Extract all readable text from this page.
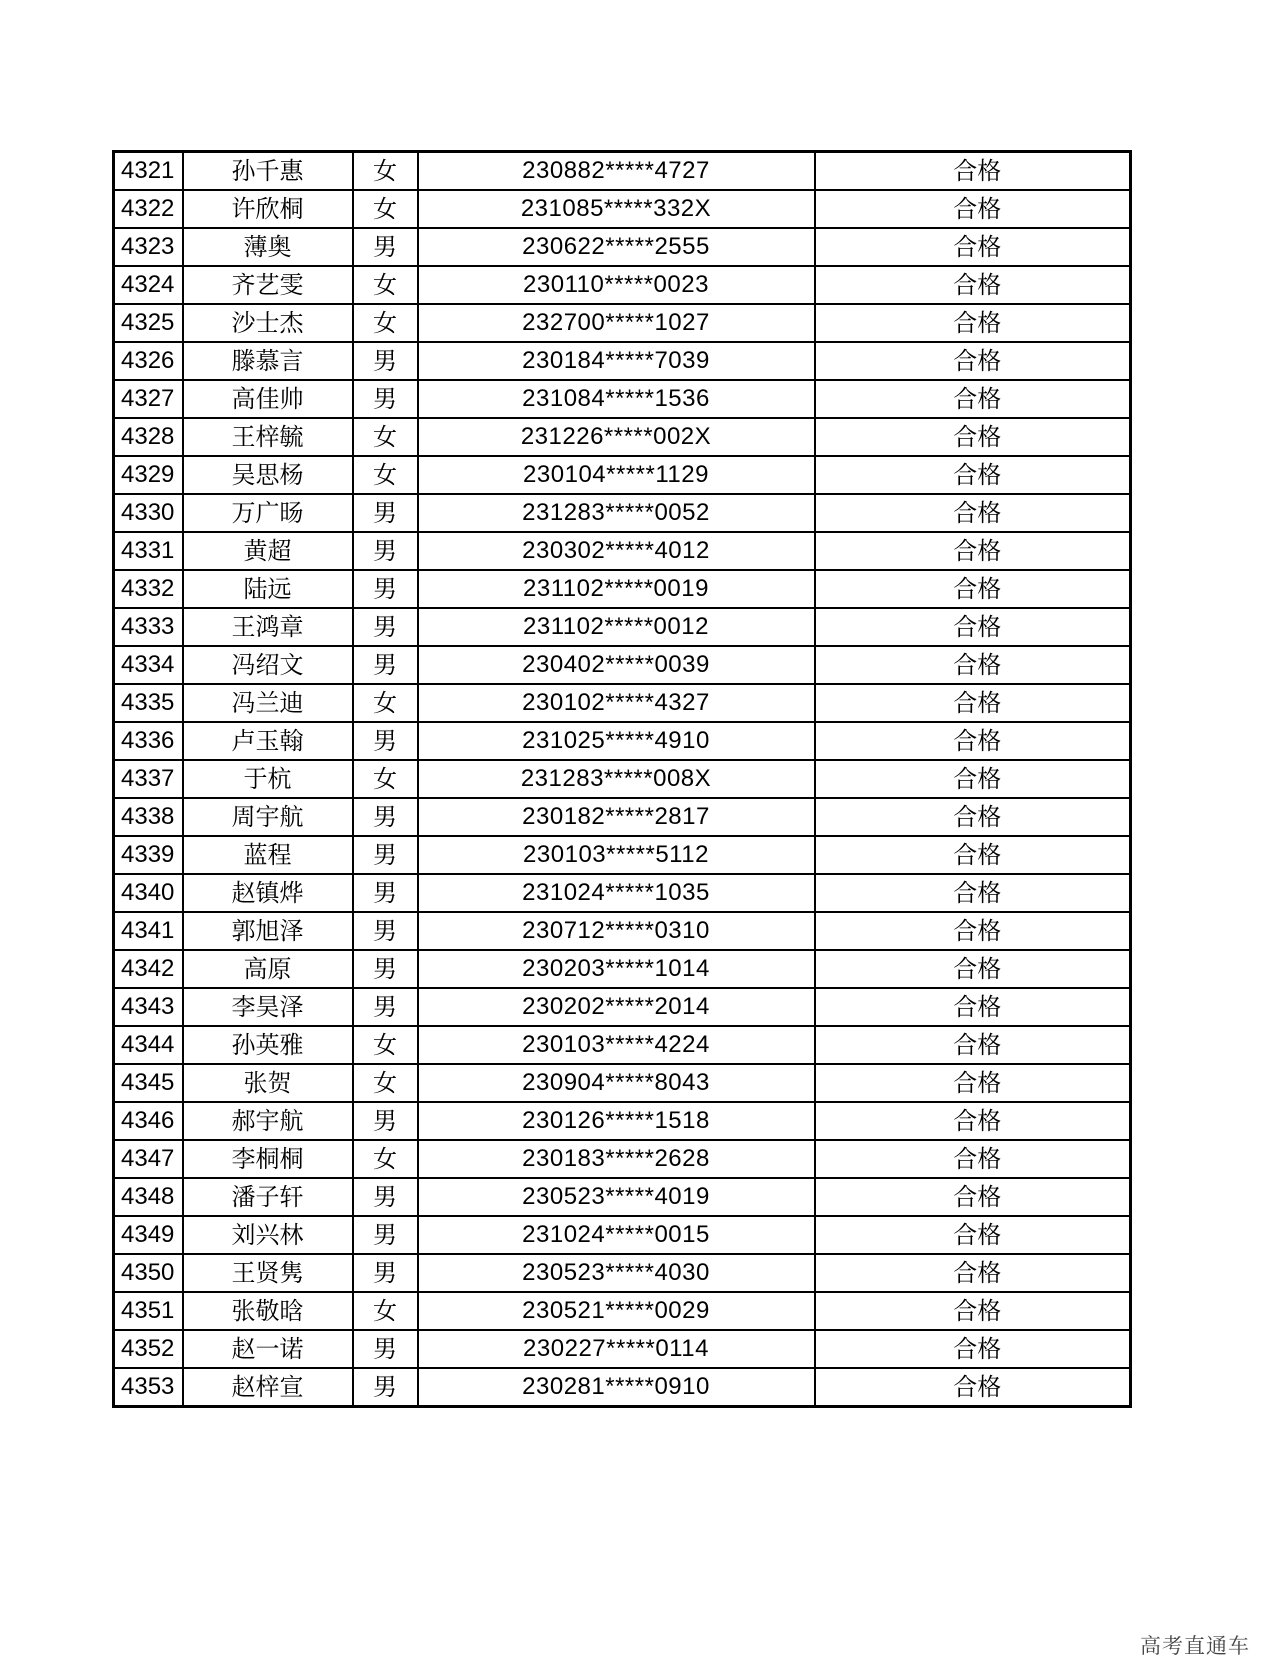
4321	孙千惠	女	230882*****4727	合格
4322	许欣桐	女	231085*****332X	合格
4323	薄奥	男	230622*****2555	合格
4324	齐艺雯	女	230110*****0023	合格
4325	沙士杰	女	232700*****1027	合格
4326	滕慕言	男	230184*****7039	合格
4327	高佳帅	男	231084*****1536	合格
4328	王梓毓	女	231226*****002X	合格
4329	吴思杨	女	230104*****1129	合格
4330	万广旸	男	231283*****0052	合格
4331	黄超	男	230302*****4012	合格
4332	陆远	男	231102*****0019	合格
4333	王鸿章	男	231102*****0012	合格
4334	冯绍文	男	230402*****0039	合格
4335	冯兰迪	女	230102*****4327	合格
4336	卢玉翰	男	231025*****4910	合格
4337	于杭	女	231283*****008X	合格
4338	周宇航	男	230182*****2817	合格
4339	蓝程	男	230103*****5112	合格
4340	赵镇烨	男	231024*****1035	合格
4341	郭旭泽	男	230712*****0310	合格
4342	高原	男	230203*****1014	合格
4343	李昊泽	男	230202*****2014	合格
4344	孙英雅	女	230103*****4224	合格
4345	张贺	女	230904*****8043	合格
4346	郝宇航	男	230126*****1518	合格
4347	李桐桐	女	230183*****2628	合格
4348	潘子轩	男	230523*****4019	合格
4349	刘兴林	男	231024*****0015	合格
4350	王贤隽	男	230523*****4030	合格
4351	张敬晗	女	230521*****0029	合格
4352	赵一诺	男	230227*****0114	合格
4353	赵梓宣	男	230281*****0910	合格
高考直通车
